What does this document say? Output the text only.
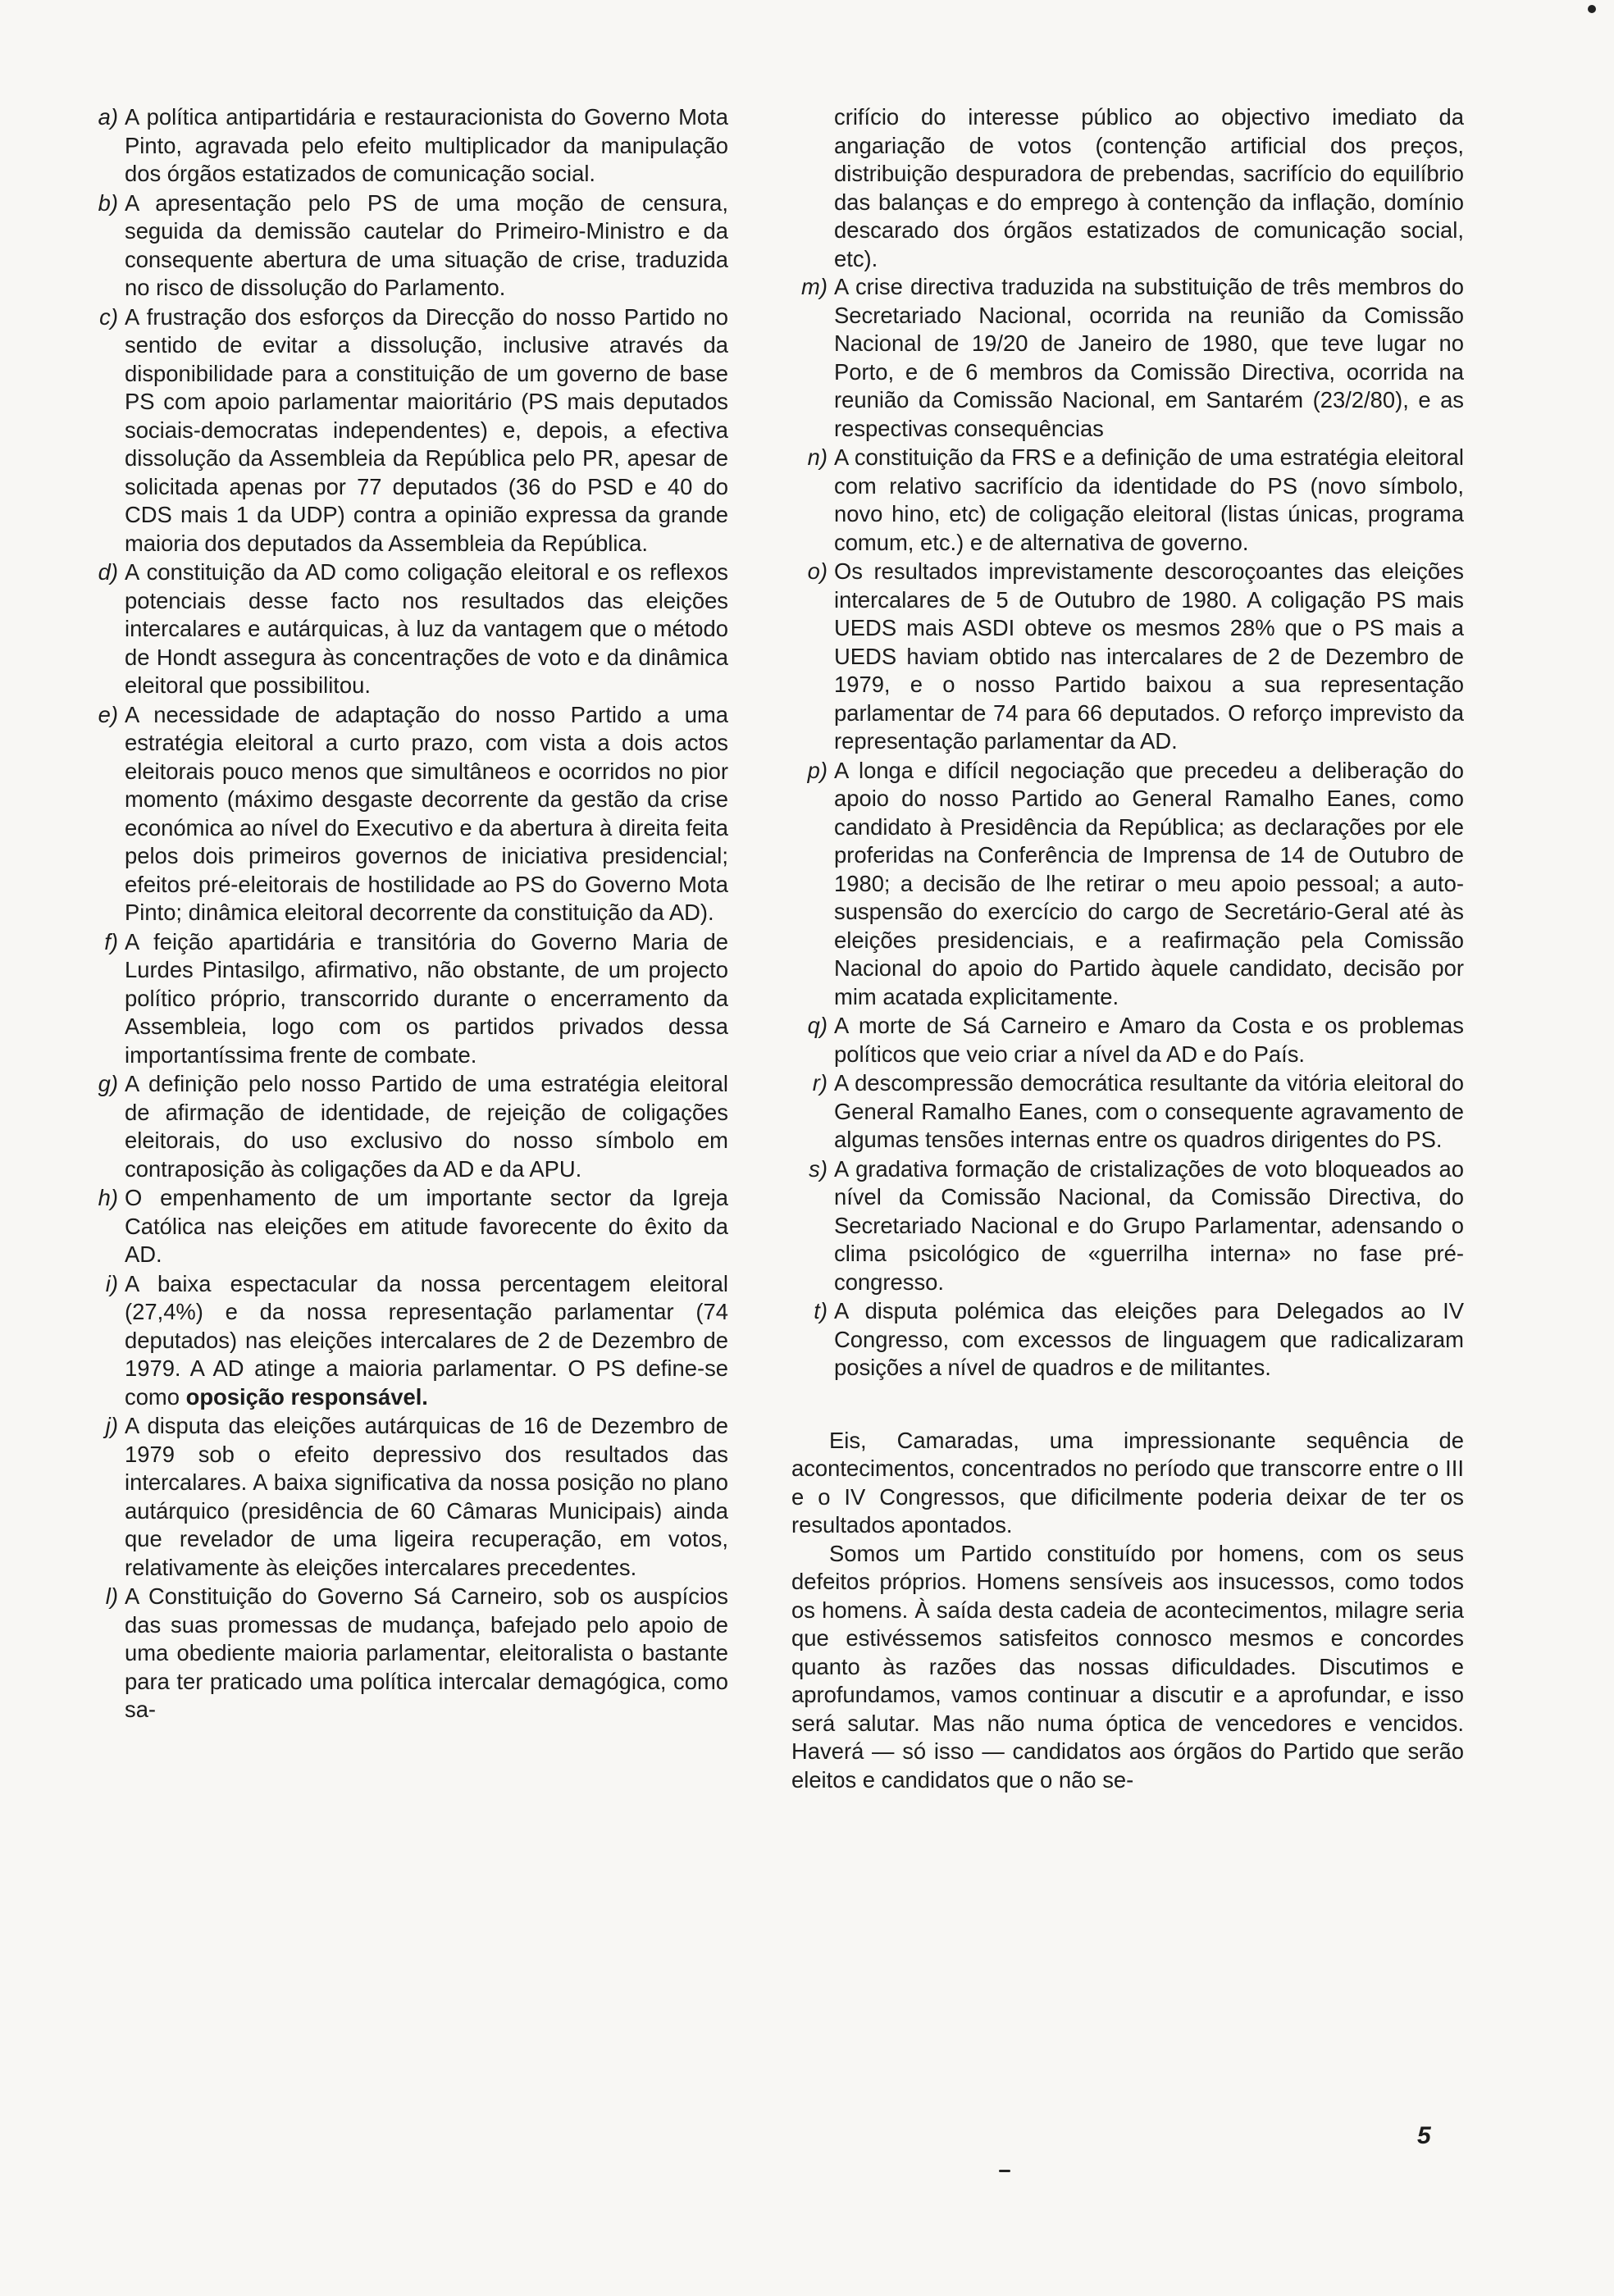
a) A política antipartidária e restauracionista do Governo Mota Pinto, agravada pelo efeito multiplicador da manipulação dos órgãos estatizados de comunicação social.
b) A apresentação pelo PS de uma moção de censura, seguida da demissão cautelar do Primeiro-Ministro e da consequente abertura de uma situação de crise, traduzida no risco de dissolução do Parlamento.
c) A frustração dos esforços da Direcção do nosso Partido no sentido de evitar a dissolução, inclusive através da disponibilidade para a constituição de um governo de base PS com apoio parlamentar maioritário (PS mais deputados sociais-democratas independentes) e, depois, a efectiva dissolução da Assembleia da República pelo PR, apesar de solicitada apenas por 77 deputados (36 do PSD e 40 do CDS mais 1 da UDP) contra a opinião expressa da grande maioria dos deputados da Assembleia da República.
d) A constituição da AD como coligação eleitoral e os reflexos potenciais desse facto nos resultados das eleições intercalares e autárquicas, à luz da vantagem que o método de Hondt assegura às concentrações de voto e da dinâmica eleitoral que possibilitou.
e) A necessidade de adaptação do nosso Partido a uma estratégia eleitoral a curto prazo, com vista a dois actos eleitorais pouco menos que simultâneos e ocorridos no pior momento (máximo desgaste decorrente da gestão da crise económica ao nível do Executivo e da abertura à direita feita pelos dois primeiros governos de iniciativa presidencial; efeitos pré-eleitorais de hostilidade ao PS do Governo Mota Pinto; dinâmica eleitoral decorrente da constituição da AD).
f) A feição apartidária e transitória do Governo Maria de Lurdes Pintasilgo, afirmativo, não obstante, de um projecto político próprio, transcorrido durante o encerramento da Assembleia, logo com os partidos privados dessa importantíssima frente de combate.
g) A definição pelo nosso Partido de uma estratégia eleitoral de afirmação de identidade, de rejeição de coligações eleitorais, do uso exclusivo do nosso símbolo em contraposição às coligações da AD e da APU.
h) O empenhamento de um importante sector da Igreja Católica nas eleições em atitude favorecente do êxito da AD.
i) A baixa espectacular da nossa percentagem eleitoral (27,4%) e da nossa representação parlamentar (74 deputados) nas eleições intercalares de 2 de Dezembro de 1979. A AD atinge a maioria parlamentar. O PS define-se como oposição responsável.
j) A disputa das eleições autárquicas de 16 de Dezembro de 1979 sob o efeito depressivo dos resultados das intercalares. A baixa significativa da nossa posição no plano autárquico (presidência de 60 Câmaras Municipais) ainda que revelador de uma ligeira recuperação, em votos, relativamente às eleições intercalares precedentes.
l) A Constituição do Governo Sá Carneiro, sob os auspícios das suas promessas de mudança, bafejado pelo apoio de uma obediente maioria parlamentar, eleitoralista o bastante para ter praticado uma política intercalar demagógica, como sa-

crifício do interesse público ao objectivo imediato da angariação de votos (contenção artificial dos preços, distribuição despuradora de prebendas, sacrifício do equilíbrio das balanças e do emprego à contenção da inflação, domínio descarado dos órgãos estatizados de comunicação social, etc).

m) A crise directiva traduzida na substituição de três membros do Secretariado Nacional, ocorrida na reunião da Comissão Nacional de 19/20 de Janeiro de 1980, que teve lugar no Porto, e de 6 membros da Comissão Directiva, ocorrida na reunião da Comissão Nacional, em Santarém (23/2/80), e as respectivas consequências
n) A constituição da FRS e a definição de uma estratégia eleitoral com relativo sacrifício da identidade do PS (novo símbolo, novo hino, etc) de coligação eleitoral (listas únicas, programa comum, etc.) e de alternativa de governo.
o) Os resultados imprevistamente descoroçoantes das eleições intercalares de 5 de Outubro de 1980. A coligação PS mais UEDS mais ASDI obteve os mesmos 28% que o PS mais a UEDS haviam obtido nas intercalares de 2 de Dezembro de 1979, e o nosso Partido baixou a sua representação parlamentar de 74 para 66 deputados. O reforço imprevisto da representação parlamentar da AD.
p) A longa e difícil negociação que precedeu a deliberação do apoio do nosso Partido ao General Ramalho Eanes, como candidato à Presidência da República; as declarações por ele proferidas na Conferência de Imprensa de 14 de Outubro de 1980; a decisão de lhe retirar o meu apoio pessoal; a auto-suspensão do exercício do cargo de Secretário-Geral até às eleições presidenciais, e a reafirmação pela Comissão Nacional do apoio do Partido àquele candidato, decisão por mim acatada explicitamente.
q) A morte de Sá Carneiro e Amaro da Costa e os problemas políticos que veio criar a nível da AD e do País.
r) A descompressão democrática resultante da vitória eleitoral do General Ramalho Eanes, com o consequente agravamento de algumas tensões internas entre os quadros dirigentes do PS.
s) A gradativa formação de cristalizações de voto bloqueados ao nível da Comissão Nacional, da Comissão Directiva, do Secretariado Nacional e do Grupo Parlamentar, adensando o clima psicológico de «guerrilha interna» no fase pré-congresso.
t) A disputa polémica das eleições para Delegados ao IV Congresso, com excessos de linguagem que radicalizaram posições a nível de quadros e de militantes.

Eis, Camaradas, uma impressionante sequência de acontecimentos, concentrados no período que transcorre entre o III e o IV Congressos, que dificilmente poderia deixar de ter os resultados apontados.

Somos um Partido constituído por homens, com os seus defeitos próprios. Homens sensíveis aos insucessos, como todos os homens. À saída desta cadeia de acontecimentos, milagre seria que estivéssemos satisfeitos connosco mesmos e concordes quanto às razões das nossas dificuldades. Discutimos e aprofundamos, vamos continuar a discutir e a aprofundar, e isso será salutar. Mas não numa óptica de vencedores e vencidos. Haverá — só isso — candidatos aos órgãos do Partido que serão eleitos e candidatos que o não se-

5
